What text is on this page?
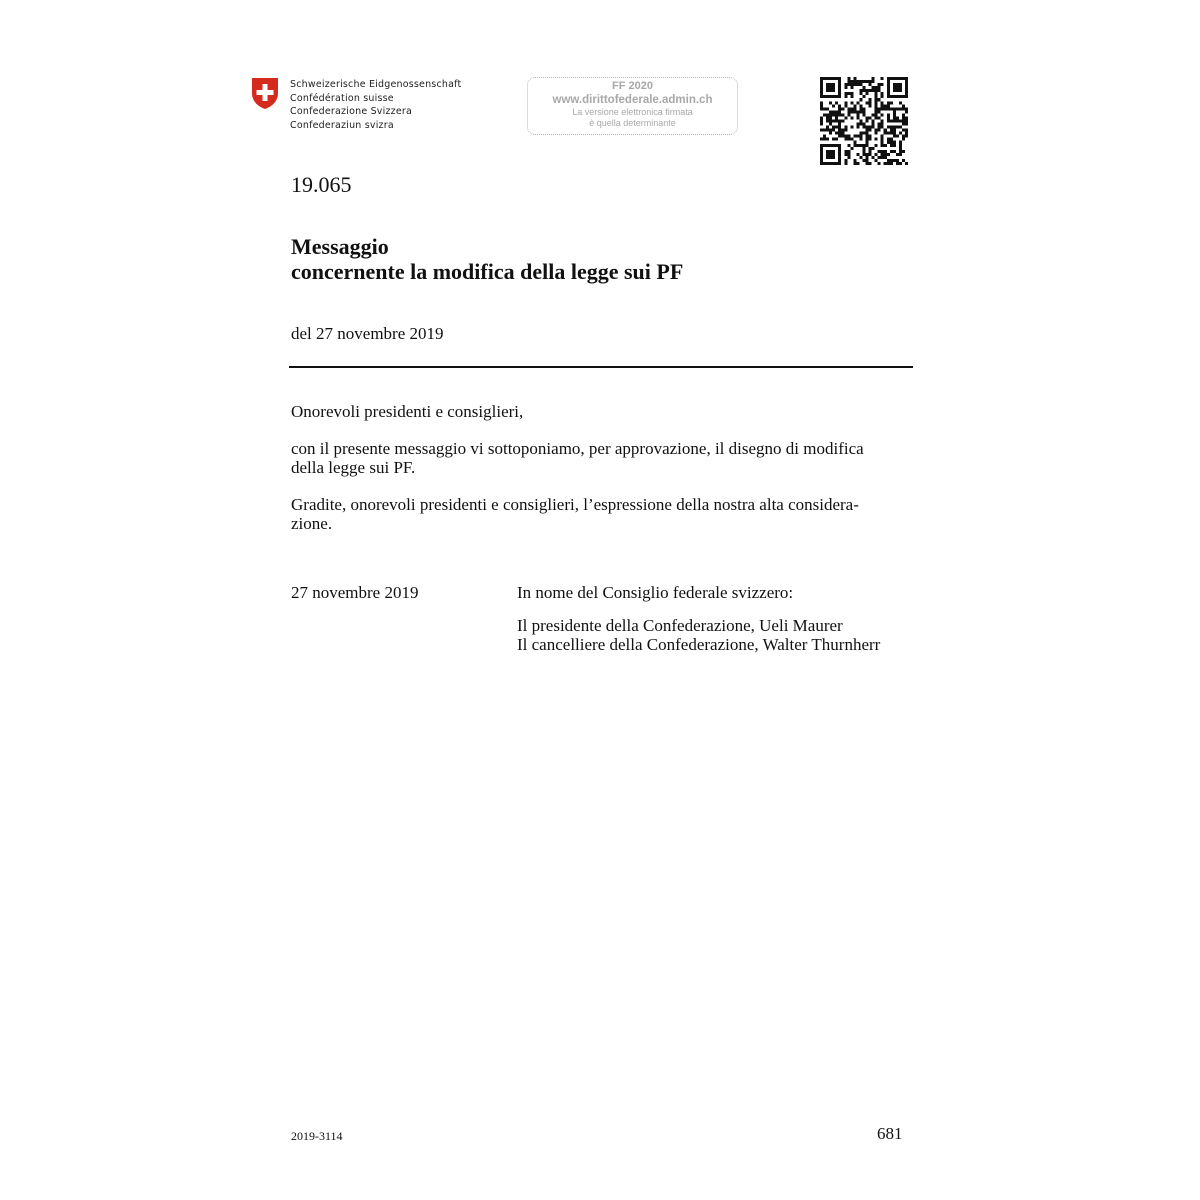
Schweizerische Eidgenossenschaft
Confédération suisse
Confederazione Svizzera
Confederaziun svizra
FF 2020
www.dirittofederale.admin.ch
La versione elettronica firmata
è quella determinante
19.065
Messaggio
concernente la modifica della legge sui PF
del 27 novembre 2019
Onorevoli presidenti e consiglieri,
con il presente messaggio vi sottoponiamo, per approvazione, il disegno di modifica
della legge sui PF.
Gradite, onorevoli presidenti e consiglieri, l’espressione della nostra alta considera-
zione.
27 novembre 2019	In nome del Consiglio federale svizzero:
Il presidente della Confederazione, Ueli Maurer
Il cancelliere della Confederazione, Walter Thurnherr
2019-3114	681
